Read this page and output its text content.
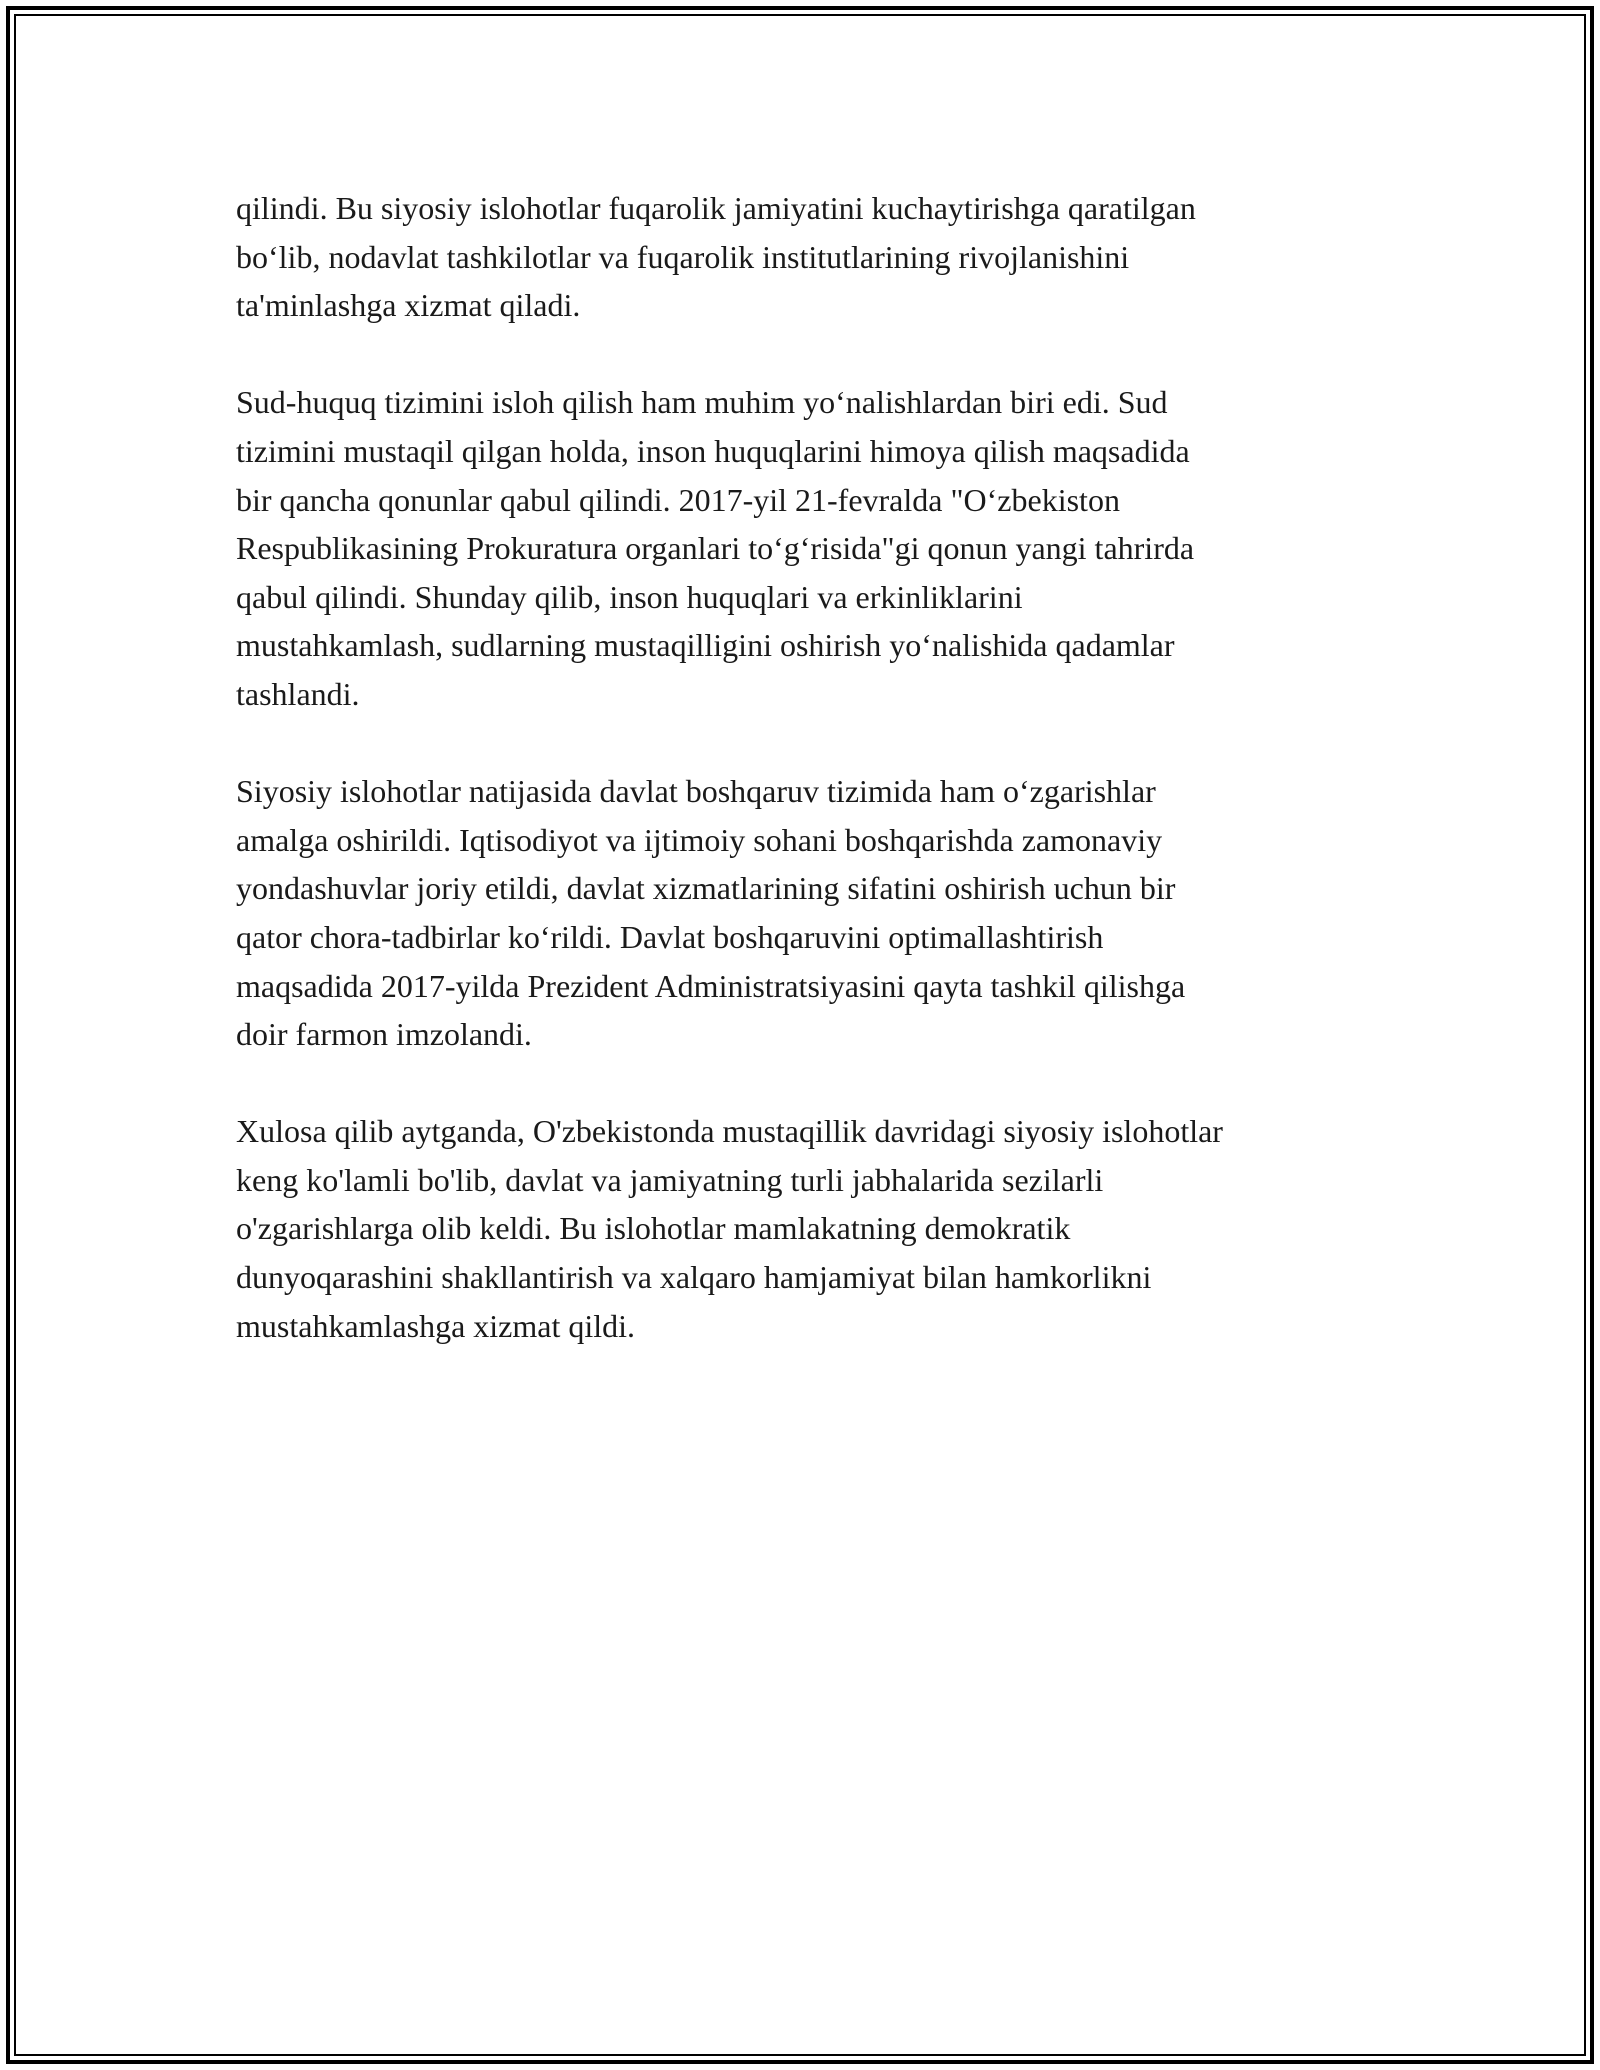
qilindi. Bu siyosiy islohotlar fuqarolik jamiyatini kuchaytirishga qaratilgan
bo‘lib, nodavlat tashkilotlar va fuqarolik institutlarining rivojlanishini
ta'minlashga xizmat qiladi.

Sud-huquq tizimini isloh qilish ham muhim yo‘nalishlardan biri edi. Sud
tizimini mustaqil qilgan holda, inson huquqlarini himoya qilish maqsadida
bir qancha qonunlar qabul qilindi. 2017-yil 21-fevralda "O‘zbekiston
Respublikasining Prokuratura organlari to‘g‘risida"gi qonun yangi tahrirda
qabul qilindi. Shunday qilib, inson huquqlari va erkinliklarini
mustahkamlash, sudlarning mustaqilligini oshirish yo‘nalishida qadamlar
tashlandi.

Siyosiy islohotlar natijasida davlat boshqaruv tizimida ham o‘zgarishlar
amalga oshirildi. Iqtisodiyot va ijtimoiy sohani boshqarishda zamonaviy
yondashuvlar joriy etildi, davlat xizmatlarining sifatini oshirish uchun bir
qator chora-tadbirlar ko‘rildi. Davlat boshqaruvini optimallashtirish
maqsadida 2017-yilda Prezident Administratsiyasini qayta tashkil qilishga
doir farmon imzolandi.

Xulosa qilib aytganda, O'zbekistonda mustaqillik davridagi siyosiy islohotlar
keng ko'lamli bo'lib, davlat va jamiyatning turli jabhalarida sezilarli
o'zgarishlarga olib keldi. Bu islohotlar mamlakatning demokratik
dunyoqarashini shakllantirish va xalqaro hamjamiyat bilan hamkorlikni
mustahkamlashga xizmat qildi.
